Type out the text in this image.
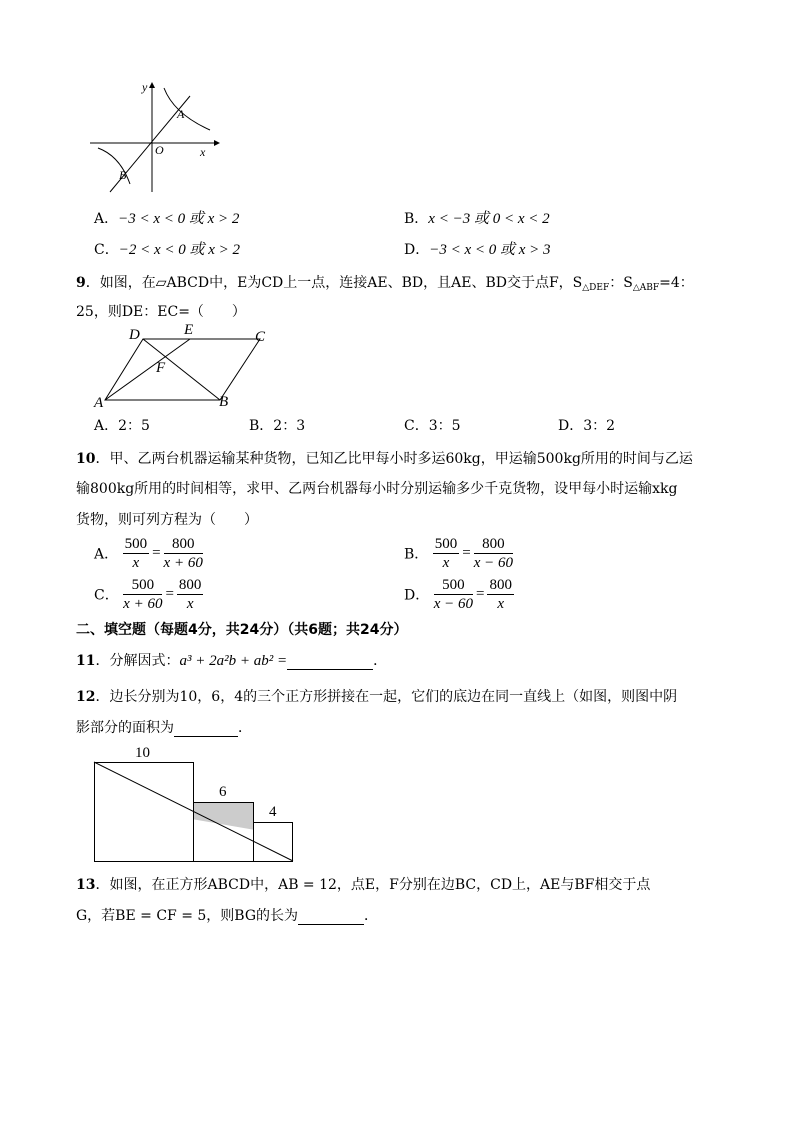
y
x
O
A
B
A．−3 < x < 0 或 x > 2	B．x < −3 或 0 < x < 2
C．−2 < x < 0 或 x > 2	D．−3 < x < 0 或 x > 3
9．如图，在▱ABCD中，E为CD上一点，连接AE、BD，且AE、BD交于点F，$S_{\triangle DEF}$：$S_{\triangle ABF}=4$：
25，则DE：EC=（　　）
D	E	C
F
A	B
A．2：5	B．2：3	C．3：5	D．3：2
10．甲、乙两台机器运输某种货物，已知乙比甲每小时多运60kg，甲运输500kg所用的时间与乙运
输800kg所用的时间相等，求甲、乙两台机器每小时分别运输多少千克货物，设甲每小时运输xkg
货物，则可列方程为（　　）
A． $\frac{500}{x} = \frac{800}{x + 60}$	B． $\frac{500}{x} = \frac{800}{x - 60}$
C． $\frac{500}{x + 60} = \frac{800}{x}$	D． $\frac{500}{x - 60} = \frac{800}{x}$
二、填空题（每题4分，共24分）（共6题；共24分）
11．分解因式：a³ + 2a²b + ab² =	．
12．边长分别为10，6，4的三个正方形拼接在一起，它们的底边在同一直线上（如图，则图中阴
影部分的面积为	．
10
6
4
13．如图，在正方形ABCD中，AB = 12，点E，F分别在边BC，CD上，AE与BF相交于点
G，若BE = CF = 5，则BG的长为	．
